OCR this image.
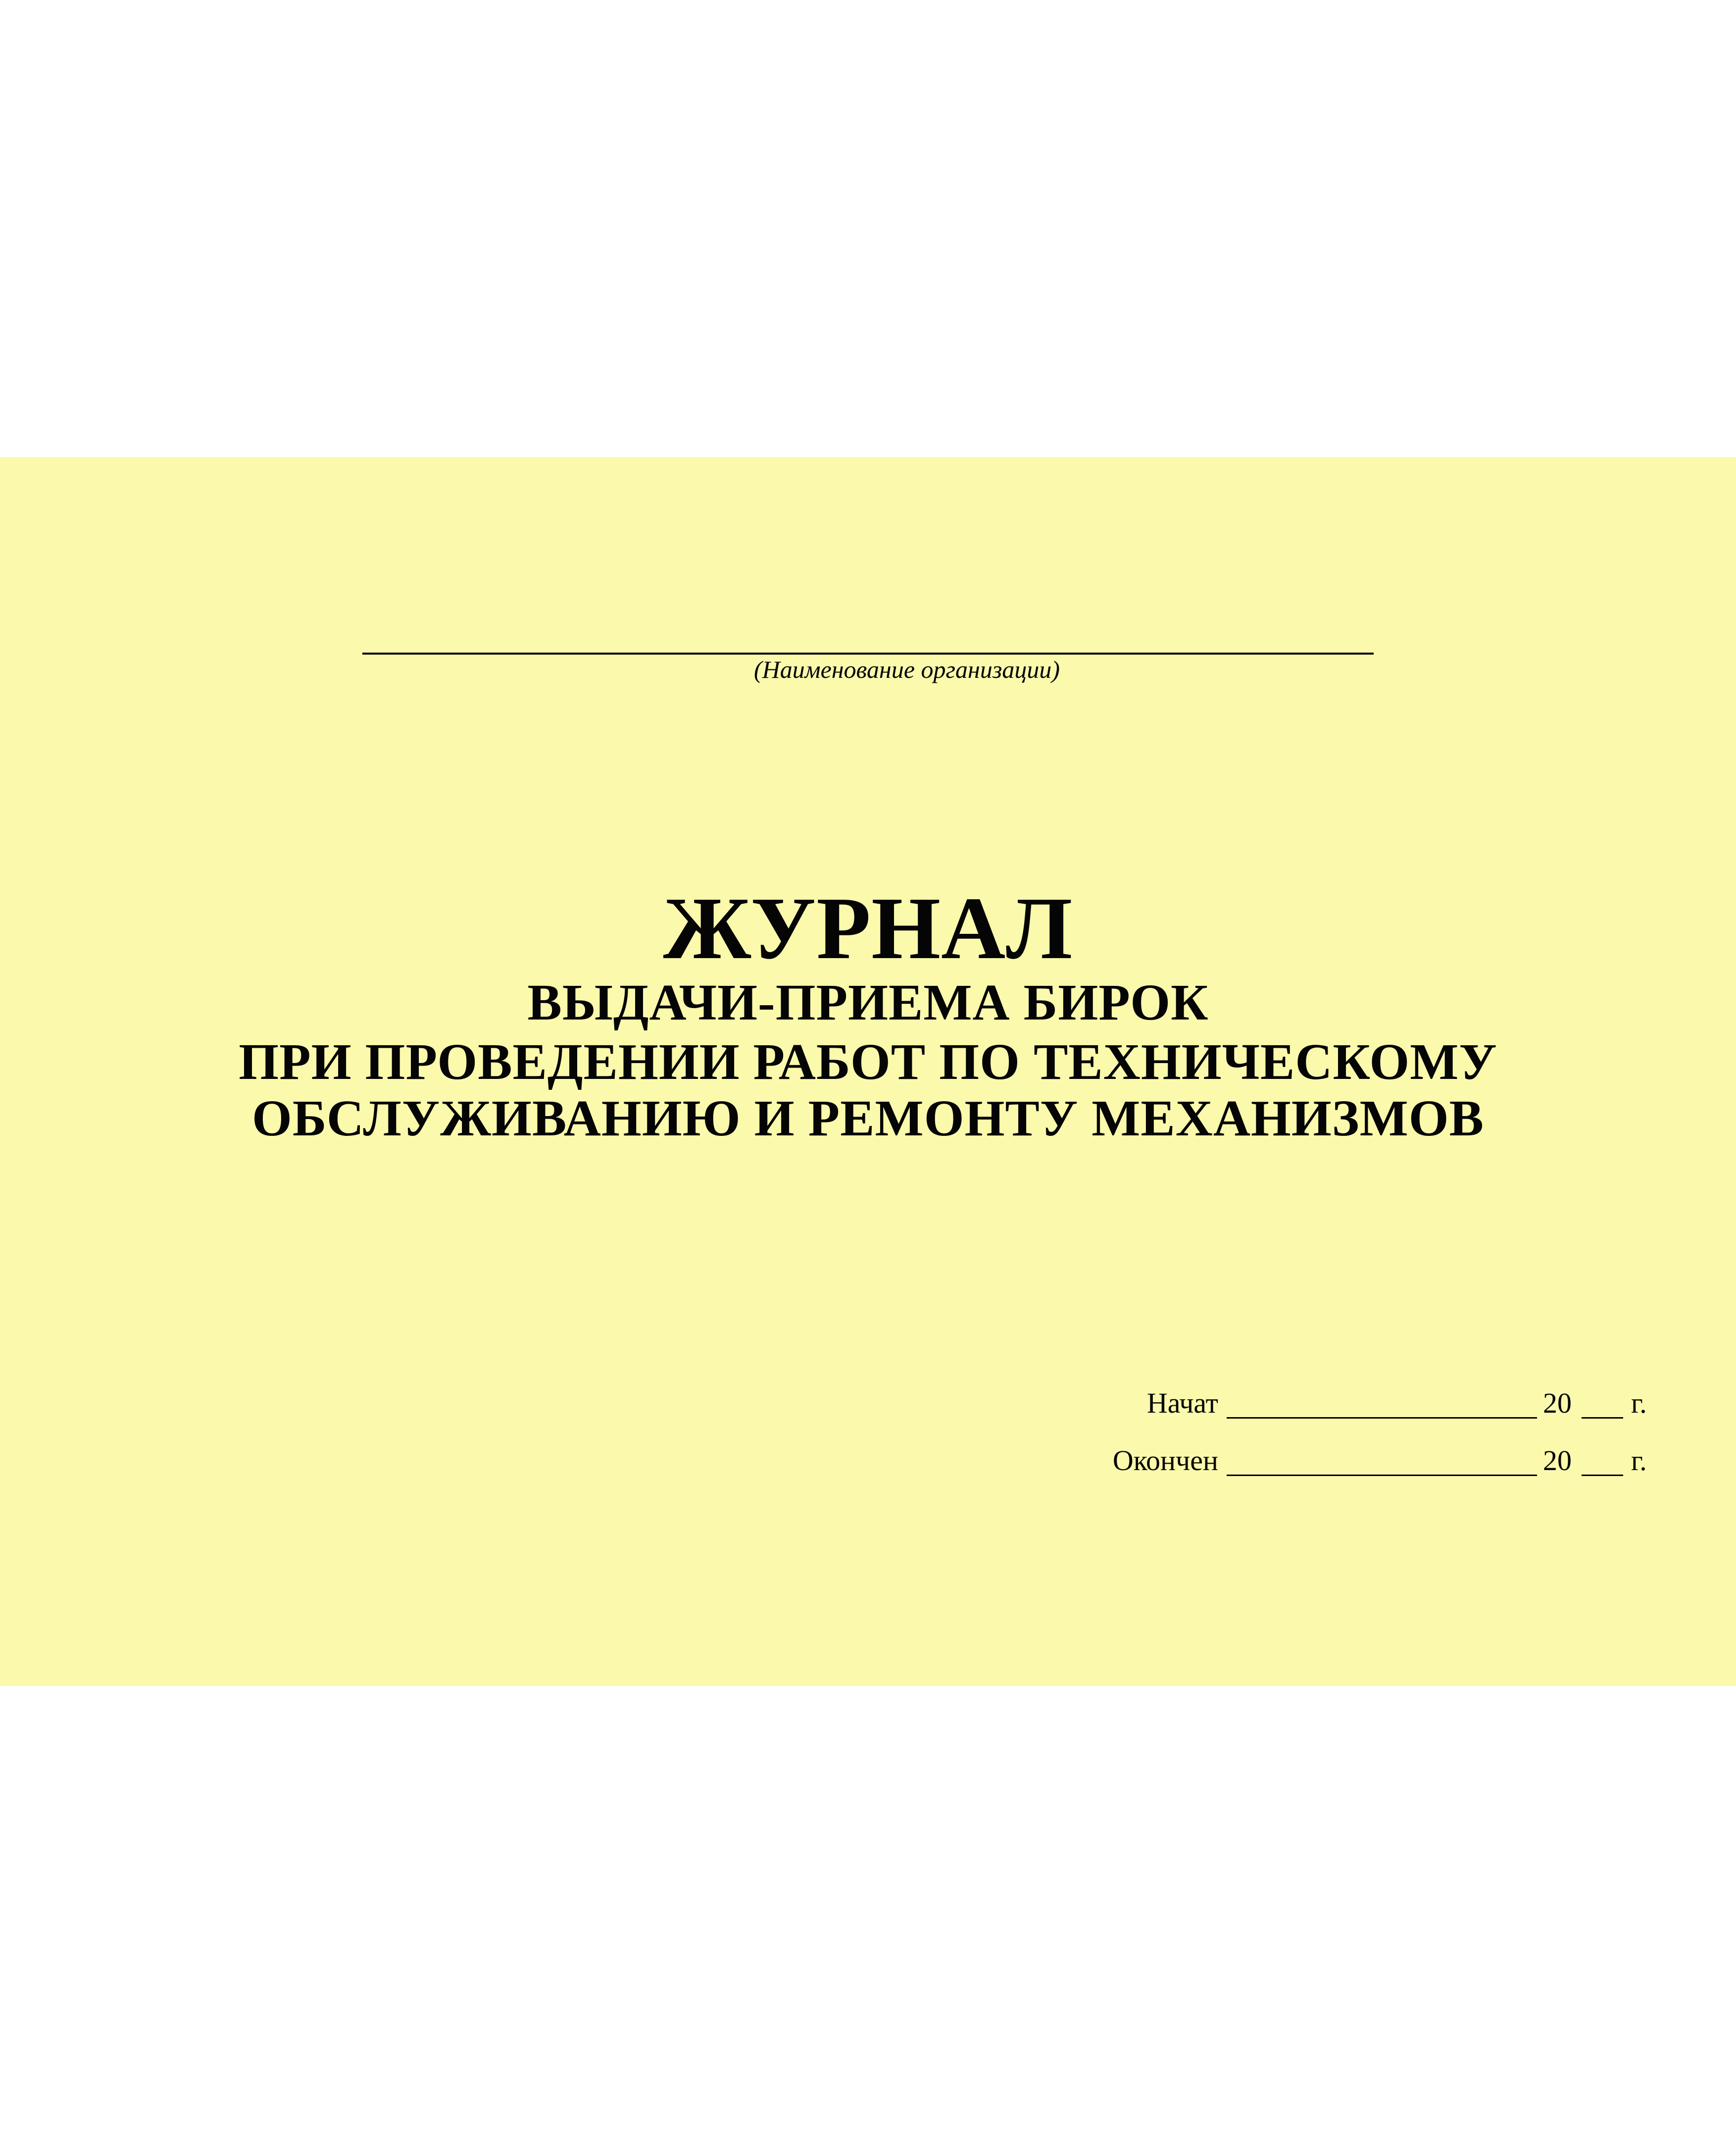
(Наименование организации)
ЖУРНАЛ
ВЫДАЧИ-ПРИЕМА БИРОК
ПРИ ПРОВЕДЕНИИ РАБОТ ПО ТЕХНИЧЕСКОМУ
ОБСЛУЖИВАНИЮ И РЕМОНТУ МЕХАНИЗМОВ
Начат	20 г.
Окончен	20 г.
